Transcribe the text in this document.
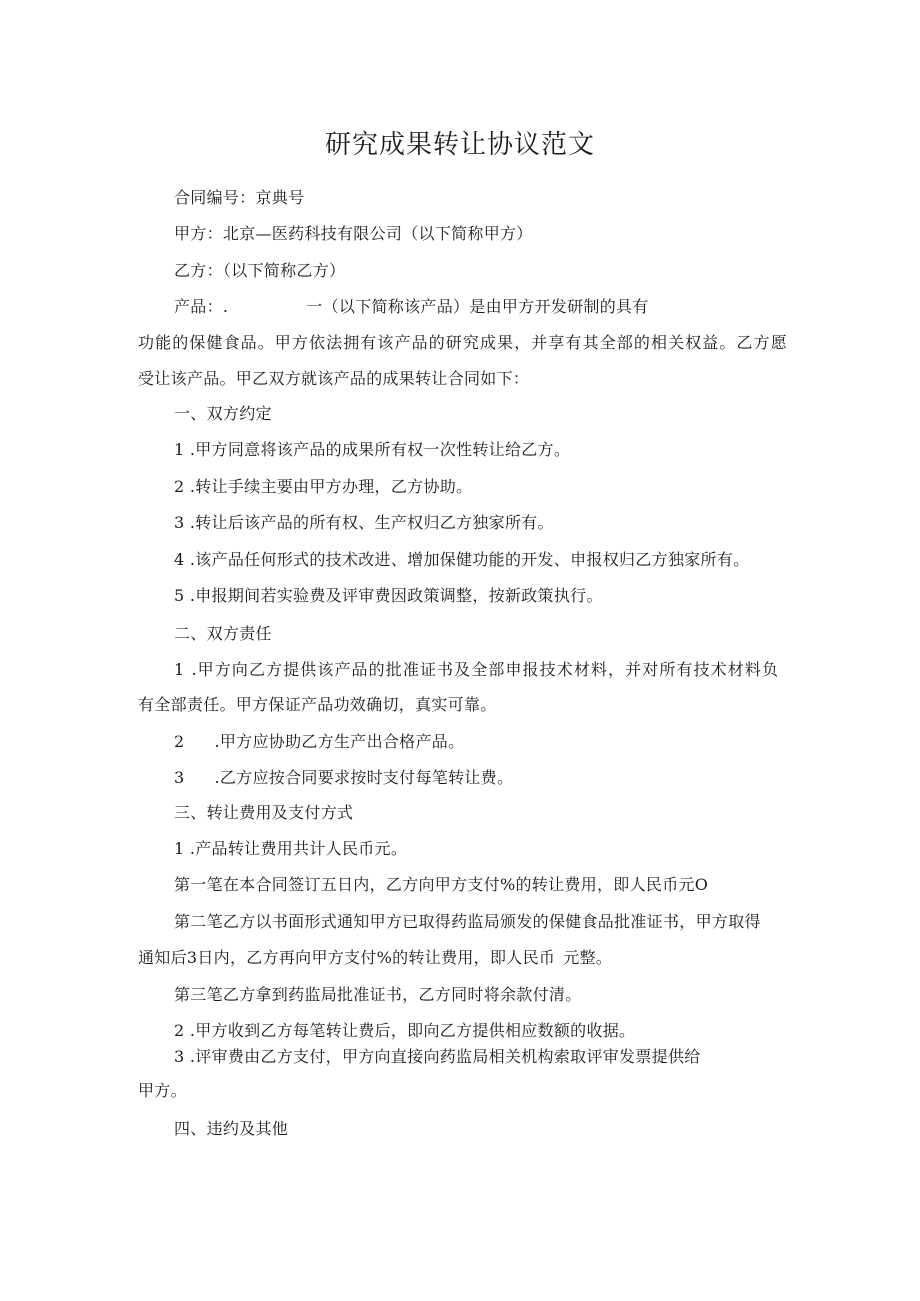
研究成果转让协议范文
合同编号：京典号
甲方：北京—医药科技有限公司（以下简称甲方）
乙方：（以下简称乙方）
产品：.	一（以下简称该产品）是由甲方开发研制的具有
功能的保健食品。甲方依法拥有该产品的研究成果，并享有其全部的相关权益。乙方愿
受让该产品。甲乙双方就该产品的成果转让合同如下：
一、双方约定
1 .甲方同意将该产品的成果所有权一次性转让给乙方。
2 .转让手续主要由甲方办理，乙方协助。
3 .转让后该产品的所有权、生产权归乙方独家所有。
4 .该产品任何形式的技术改进、增加保健功能的开发、申报权归乙方独家所有。
5 .申报期间若实验费及评审费因政策调整，按新政策执行。
二、双方责任
1 .甲方向乙方提供该产品的批准证书及全部申报技术材料，并对所有技术材料负
有全部责任。甲方保证产品功效确切，真实可靠。
2 .甲方应协助乙方生产出合格产品。
3 .乙方应按合同要求按时支付每笔转让费。
三、转让费用及支付方式
1 .产品转让费用共计人民币元。
第一笔在本合同签订五日内，乙方向甲方支付%的转让费用，即人民币元O
第二笔乙方以书面形式通知甲方已取得药监局颁发的保健食品批准证书，甲方取得
通知后3日内，乙方再向甲方支付%的转让费用，即人民币 元整。
第三笔乙方拿到药监局批准证书，乙方同时将余款付清。
2 .甲方收到乙方每笔转让费后，即向乙方提供相应数额的收据。
3 .评审费由乙方支付，甲方向直接向药监局相关机构索取评审发票提供给
甲方。
四、违约及其他
